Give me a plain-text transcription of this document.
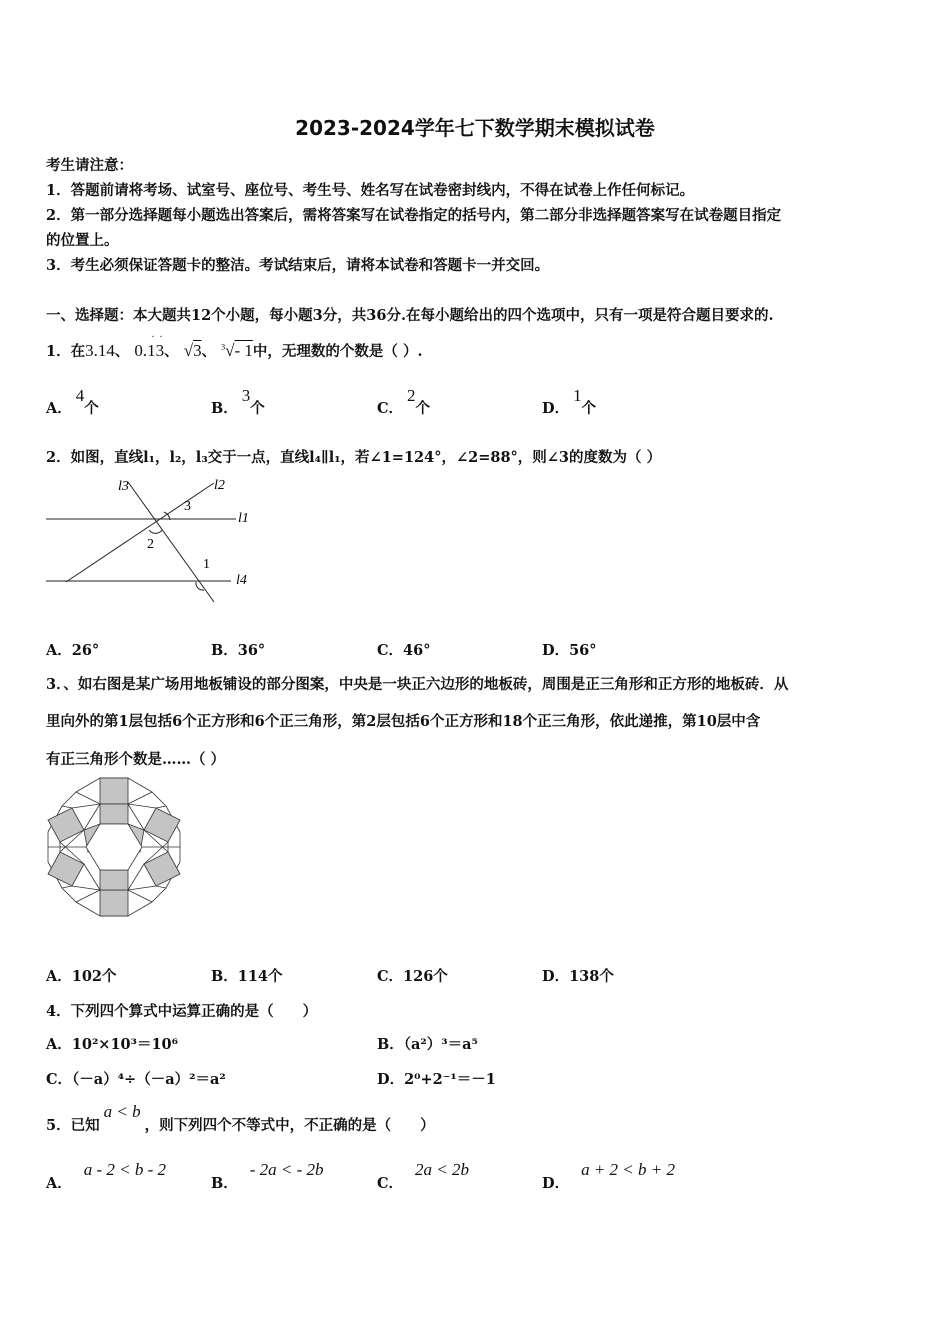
2023-2024学年七下数学期末模拟试卷
考生请注意：
1．答题前请将考场、试室号、座位号、考生号、姓名写在试卷密封线内，不得在试卷上作任何标记。
2．第一部分选择题每小题选出答案后，需将答案写在试卷指定的括号内，第二部分非选择题答案写在试卷题目指定
的位置上。
3．考生必须保证答题卡的整洁。考试结束后，请将本试卷和答题卡一并交回。
一、选择题：本大题共12个小题，每小题3分，共36分.在每小题给出的四个选项中，只有一项是符合题目要求的.
1．在3.14、 0.13
· ·
、 √3、 $^3$√- 1中，无理数的个数是（ ）.
A．4个	B．3个	C．2个	D．1个
2．如图，直线l₁，l₂，l₃交于一点，直线l₄∥l₁，若∠1=124°，∠2=88°，则∠3的度数为（ ）
l3	l2
l1
l4
3
2
1
A．26°	B．36°	C．46°	D．56°
3．、如右图是某广场用地板铺设的部分图案，中央是一块正六边形的地板砖，周围是正三角形和正方形的地板砖．从
里向外的第1层包括6个正方形和6个正三角形，第2层包括6个正方形和18个正三角形，依此递推，第10层中含
有正三角形个数是……（ ）
A．102个	B．114个	C．126个	D．138个
4．下列四个算式中运算正确的是（　　）
A．10²×10³＝10⁶	B．（a²）³＝a⁵
C．（－a）⁴÷（－a）²＝a²	D．2⁰+2⁻¹＝－1
5．已知a < b，则下列四个不等式中，不正确的是（　　）
A．a - 2 < b - 2
B．- 2a < - 2b
C．2a < 2b
D．a + 2 < b + 2
